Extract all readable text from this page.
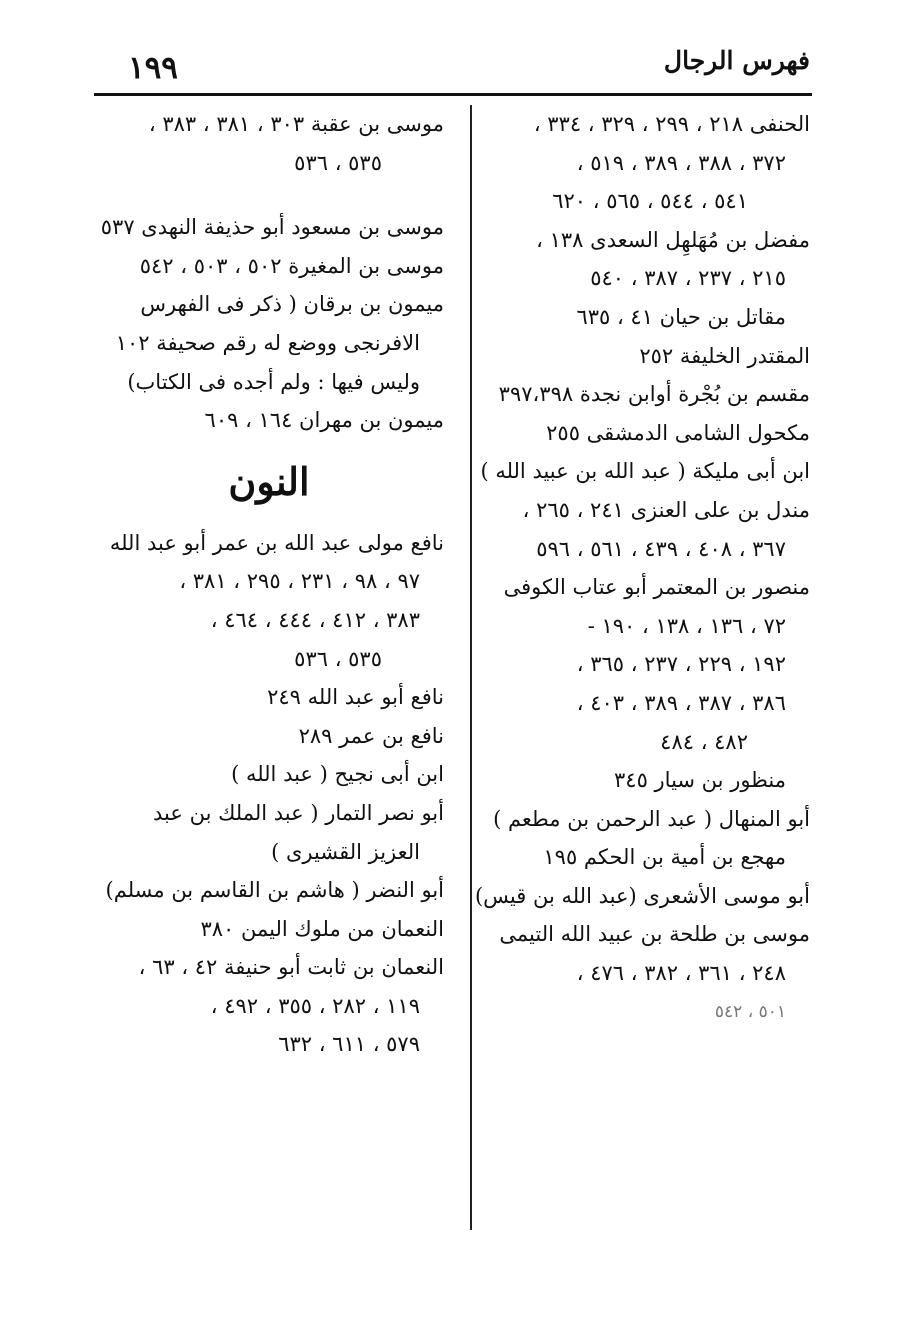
١٩٩	فهرس الرجال
الحنفى ٢١٨ ، ٢٩٩ ، ٣٢٩ ، ٣٣٤ ،
٣٧٢ ، ٣٨٨ ، ٣٨٩ ، ٥١٩ ،
٥٤١ ، ٥٤٤ ، ٥٦٥ ، ٦٢٠
مفضل بن مُهَلهِل السعدى ١٣٨ ،
٢١٥ ، ٢٣٧ ، ٣٨٧ ، ٥٤٠
مقاتل بن حيان ٤١ ، ٦٣٥
المقتدر الخليفة ٢٥٢
مقسم بن بُجْرة أوابن نجدة ٣٩٧،٣٩٨
مكحول الشامى الدمشقى ٢٥٥
ابن أبى مليكة ( عبد الله بن عبيد الله )
مندل بن على العنزى ٢٤١ ، ٢٦٥ ،
٣٦٧ ، ٤٠٨ ، ٤٣٩ ، ٥٦١ ، ٥٩٦
منصور بن المعتمر أبو عتاب الكوفى
٧٢ ، ١٣٦ ، ١٣٨ ، ١٩٠ -
١٩٢ ، ٢٢٩ ، ٢٣٧ ، ٣٦٥ ،
٣٨٦ ، ٣٨٧ ، ٣٨٩ ، ٤٠٣ ،
٤٨٢ ، ٤٨٤
منظور بن سيار ٣٤٥
أبو المنهال ( عبد الرحمن بن مطعم )
مهجع بن أمية بن الحكم ١٩٥
أبو موسى الأشعرى (عبد الله بن قيس)
موسى بن طلحة بن عبيد الله التيمى
٢٤٨ ، ٣٦١ ، ٣٨٢ ، ٤٧٦ ،
٥٠١ ، ٥٤٢
موسى بن عقبة ٣٠٣ ، ٣٨١ ، ٣٨٣ ،
٥٣٥ ، ٥٣٦
موسى بن مسعود أبو حذيفة النهدى ٥٣٧
موسى بن المغيرة ٥٠٢ ، ٥٠٣ ، ٥٤٢
ميمون بن برقان ( ذكر فى الفهرس
الافرنجى ووضع له رقم صحيفة ١٠٢
وليس فيها : ولم أجده فى الكتاب)
ميمون بن مهران ١٦٤ ، ٦٠٩
النون
نافع مولى عبد الله بن عمر أبو عبد الله
٩٧ ، ٩٨ ، ٢٣١ ، ٢٩٥ ، ٣٨١ ،
٣٨٣ ، ٤١٢ ، ٤٤٤ ، ٤٦٤ ،
٥٣٥ ، ٥٣٦
نافع أبو عبد الله ٢٤٩
نافع بن عمر ٢٨٩
ابن أبى نجيح ( عبد الله )
أبو نصر التمار ( عبد الملك بن عبد
العزيز القشيرى )
أبو النضر ( هاشم بن القاسم بن مسلم)
النعمان من ملوك اليمن ٣٨٠
النعمان بن ثابت أبو حنيفة ٤٢ ، ٦٣ ،
١١٩ ، ٢٨٢ ، ٣٥٥ ، ٤٩٢ ،
٥٧٩ ، ٦١١ ، ٦٣٢
